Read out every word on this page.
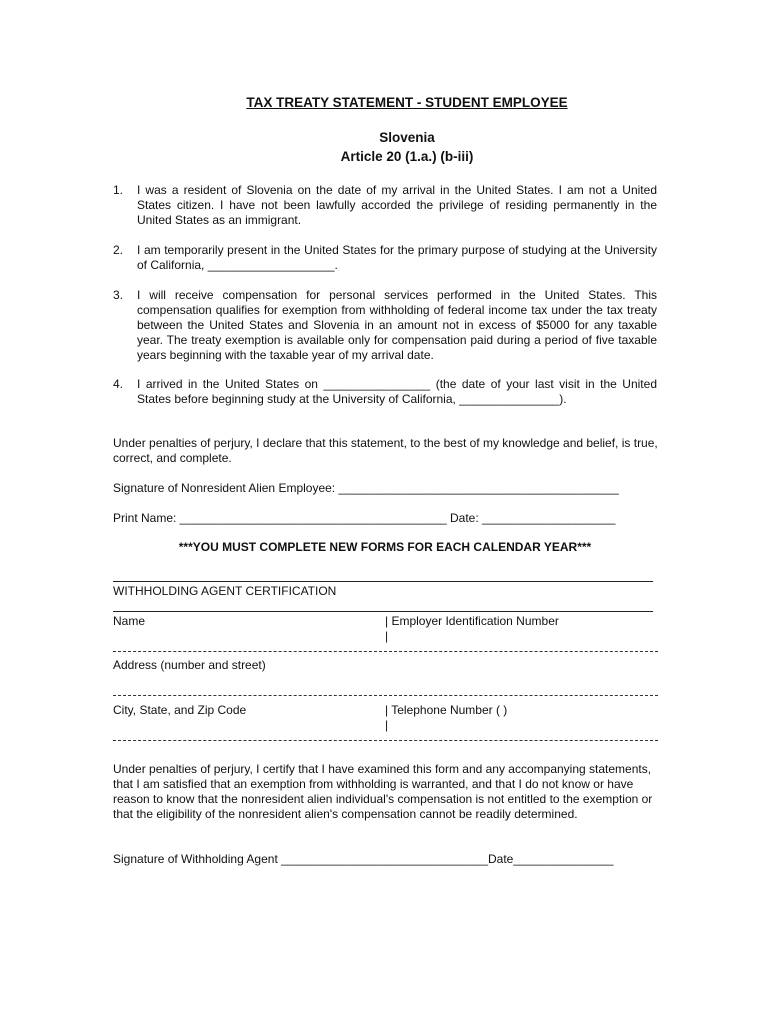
TAX TREATY STATEMENT - STUDENT EMPLOYEE
Slovenia
Article 20 (1.a.) (b-iii)
1. I was a resident of Slovenia on the date of my arrival in the United States. I am not a United States citizen. I have not been lawfully accorded the privilege of residing permanently in the United States as an immigrant.
2. I am temporarily present in the United States for the primary purpose of studying at the University of California, ___________________.
3. I will receive compensation for personal services performed in the United States. This compensation qualifies for exemption from withholding of federal income tax under the tax treaty between the United States and Slovenia in an amount not in excess of $5000 for any taxable year. The treaty exemption is available only for compensation paid during a period of five taxable years beginning with the taxable year of my arrival date.
4. I arrived in the United States on ________________ (the date of your last visit in the United States before beginning study at the University of California, _______________).
Under penalties of perjury, I declare that this statement, to the best of my knowledge and belief, is true, correct, and complete.
Signature of Nonresident Alien Employee: __________________________________________
Print Name: ________________________________________ Date: ____________________
***YOU MUST COMPLETE NEW FORMS FOR EACH CALENDAR YEAR***
WITHHOLDING AGENT CERTIFICATION
Name	| Employer Identification Number
|
Address (number and street)
City, State, and Zip Code	| Telephone Number ( )
|
Under penalties of perjury, I certify that I have examined this form and any accompanying statements, that I am satisfied that an exemption from withholding is warranted, and that I do not know or have reason to know that the nonresident alien individual's compensation is not entitled to the exemption or that the eligibility of the nonresident alien's compensation cannot be readily determined.
Signature of Withholding Agent _______________________________Date_______________
